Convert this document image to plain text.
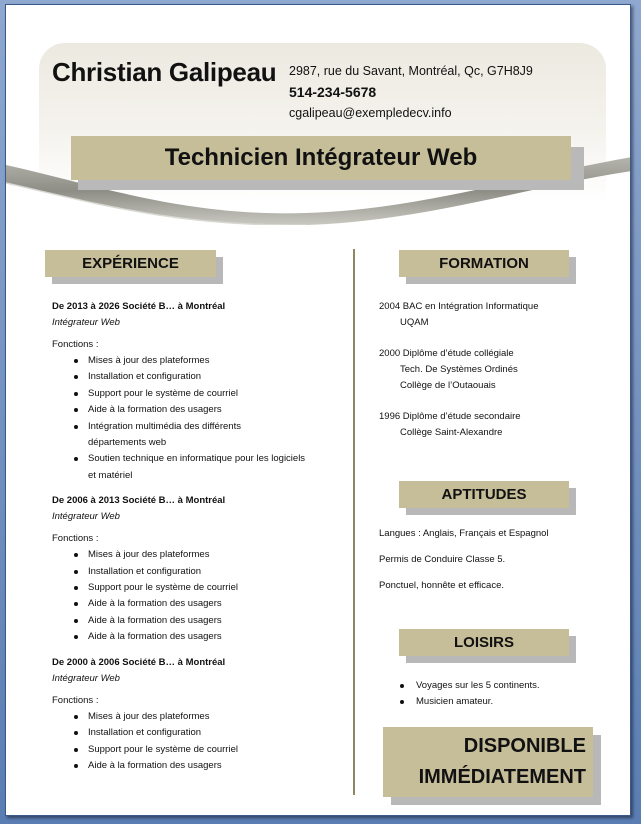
Christian Galipeau 2987, rue du Savant, Montréal, Qc, G7H8J9
514-234-5678
cgalipeau@exempledecv.info
Technicien Intégrateur Web
EXPÉRIENCE
De 2013 à 2026 Société B… à Montréal
Intégrateur Web
Fonctions :
Mises à jour des plateformes
Installation et configuration
Support pour le système de courriel
Aide à la formation des usagers
Intégration multimédia des différents départements web
Soutien technique en informatique pour les logiciels et matériel
De 2006 à 2013 Société B… à Montréal
Intégrateur Web
Fonctions :
Mises à jour des plateformes
Installation et configuration
Support pour le système de courriel
Aide à la formation des usagers
Aide à la formation des usagers
Aide à la formation des usagers
De 2000 à 2006 Société B… à Montréal
Intégrateur Web
Fonctions :
Mises à jour des plateformes
Installation et configuration
Support pour le système de courriel
Aide à la formation des usagers
FORMATION
2004 BAC en Intégration Informatique
UQAM
2000 Diplôme d’étude collégiale
Tech. De Systèmes Ordinés
Collège de l’Outaouais
1996 Diplôme d’étude secondaire
Collège Saint-Alexandre
APTITUDES
Langues : Anglais, Français et Espagnol
Permis de Conduire Classe 5.
Ponctuel, honnête et efficace.
LOISIRS
Voyages sur les 5 continents.
Musicien amateur.
DISPONIBLE
IMMÉDIATEMENT
